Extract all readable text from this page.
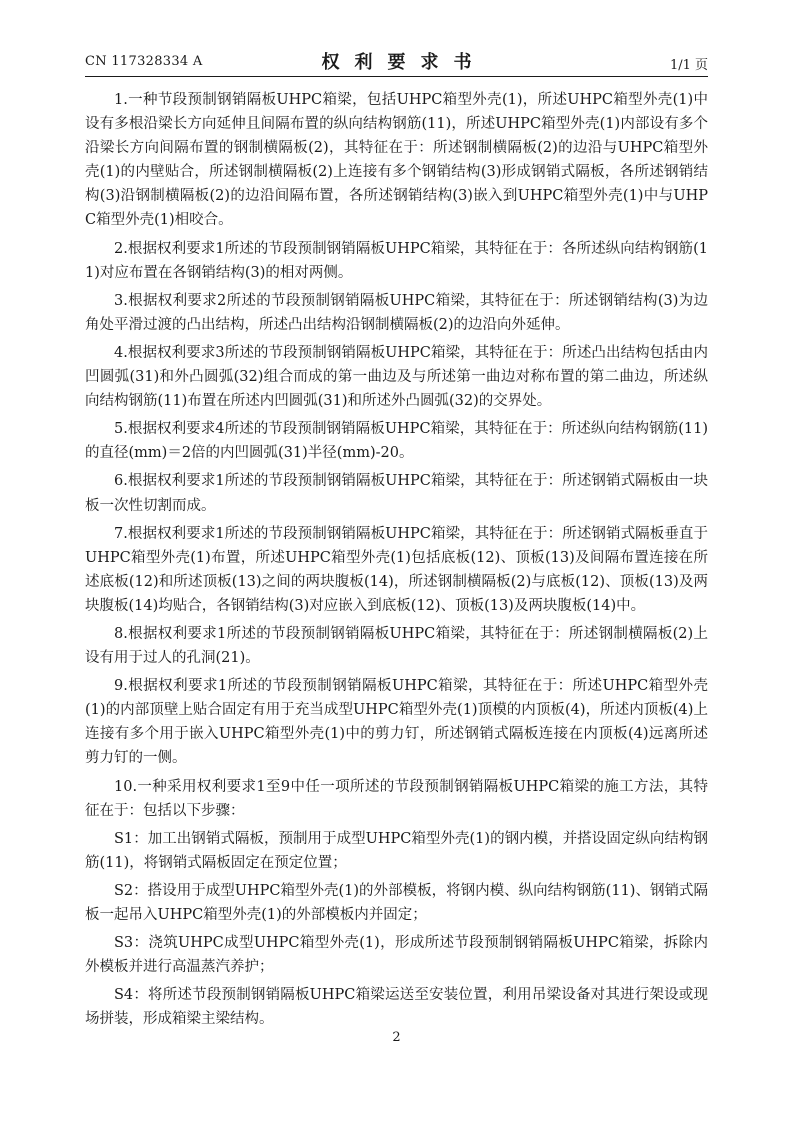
CN 117328334 A	权利要求书	1/1 页

1.一种节段预制钢销隔板UHPC箱梁，包括UHPC箱型外壳(1)，所述UHPC箱型外壳(1)中设有多根沿梁长方向延伸且间隔布置的纵向结构钢筋(11)，所述UHPC箱型外壳(1)内部设有多个沿梁长方向间隔布置的钢制横隔板(2)，其特征在于：所述钢制横隔板(2)的边沿与UHPC箱型外壳(1)的内壁贴合，所述钢制横隔板(2)上连接有多个钢销结构(3)形成钢销式隔板，各所述钢销结构(3)沿钢制横隔板(2)的边沿间隔布置，各所述钢销结构(3)嵌入到UHPC箱型外壳(1)中与UHPC箱型外壳(1)相咬合。

2.根据权利要求1所述的节段预制钢销隔板UHPC箱梁，其特征在于：各所述纵向结构钢筋(11)对应布置在各钢销结构(3)的相对两侧。

3.根据权利要求2所述的节段预制钢销隔板UHPC箱梁，其特征在于：所述钢销结构(3)为边角处平滑过渡的凸出结构，所述凸出结构沿钢制横隔板(2)的边沿向外延伸。

4.根据权利要求3所述的节段预制钢销隔板UHPC箱梁，其特征在于：所述凸出结构包括由内凹圆弧(31)和外凸圆弧(32)组合而成的第一曲边及与所述第一曲边对称布置的第二曲边，所述纵向结构钢筋(11)布置在所述内凹圆弧(31)和所述外凸圆弧(32)的交界处。

5.根据权利要求4所述的节段预制钢销隔板UHPC箱梁，其特征在于：所述纵向结构钢筋(11)的直径(mm)＝2倍的内凹圆弧(31)半径(mm)-20。

6.根据权利要求1所述的节段预制钢销隔板UHPC箱梁，其特征在于：所述钢销式隔板由一块板一次性切割而成。

7.根据权利要求1所述的节段预制钢销隔板UHPC箱梁，其特征在于：所述钢销式隔板垂直于UHPC箱型外壳(1)布置，所述UHPC箱型外壳(1)包括底板(12)、顶板(13)及间隔布置连接在所述底板(12)和所述顶板(13)之间的两块腹板(14)，所述钢制横隔板(2)与底板(12)、顶板(13)及两块腹板(14)均贴合，各钢销结构(3)对应嵌入到底板(12)、顶板(13)及两块腹板(14)中。

8.根据权利要求1所述的节段预制钢销隔板UHPC箱梁，其特征在于：所述钢制横隔板(2)上设有用于过人的孔洞(21)。

9.根据权利要求1所述的节段预制钢销隔板UHPC箱梁，其特征在于：所述UHPC箱型外壳(1)的内部顶壁上贴合固定有用于充当成型UHPC箱型外壳(1)顶模的内顶板(4)，所述内顶板(4)上连接有多个用于嵌入UHPC箱型外壳(1)中的剪力钉，所述钢销式隔板连接在内顶板(4)远离所述剪力钉的一侧。

10.一种采用权利要求1至9中任一项所述的节段预制钢销隔板UHPC箱梁的施工方法，其特征在于：包括以下步骤：

S1：加工出钢销式隔板，预制用于成型UHPC箱型外壳(1)的钢内模，并搭设固定纵向结构钢筋(11)，将钢销式隔板固定在预定位置；

S2：搭设用于成型UHPC箱型外壳(1)的外部模板，将钢内模、纵向结构钢筋(11)、钢销式隔板一起吊入UHPC箱型外壳(1)的外部模板内并固定；

S3：浇筑UHPC成型UHPC箱型外壳(1)，形成所述节段预制钢销隔板UHPC箱梁，拆除内外模板并进行高温蒸汽养护；

S4：将所述节段预制钢销隔板UHPC箱梁运送至安装位置，利用吊梁设备对其进行架设或现场拼装，形成箱梁主梁结构。

2
